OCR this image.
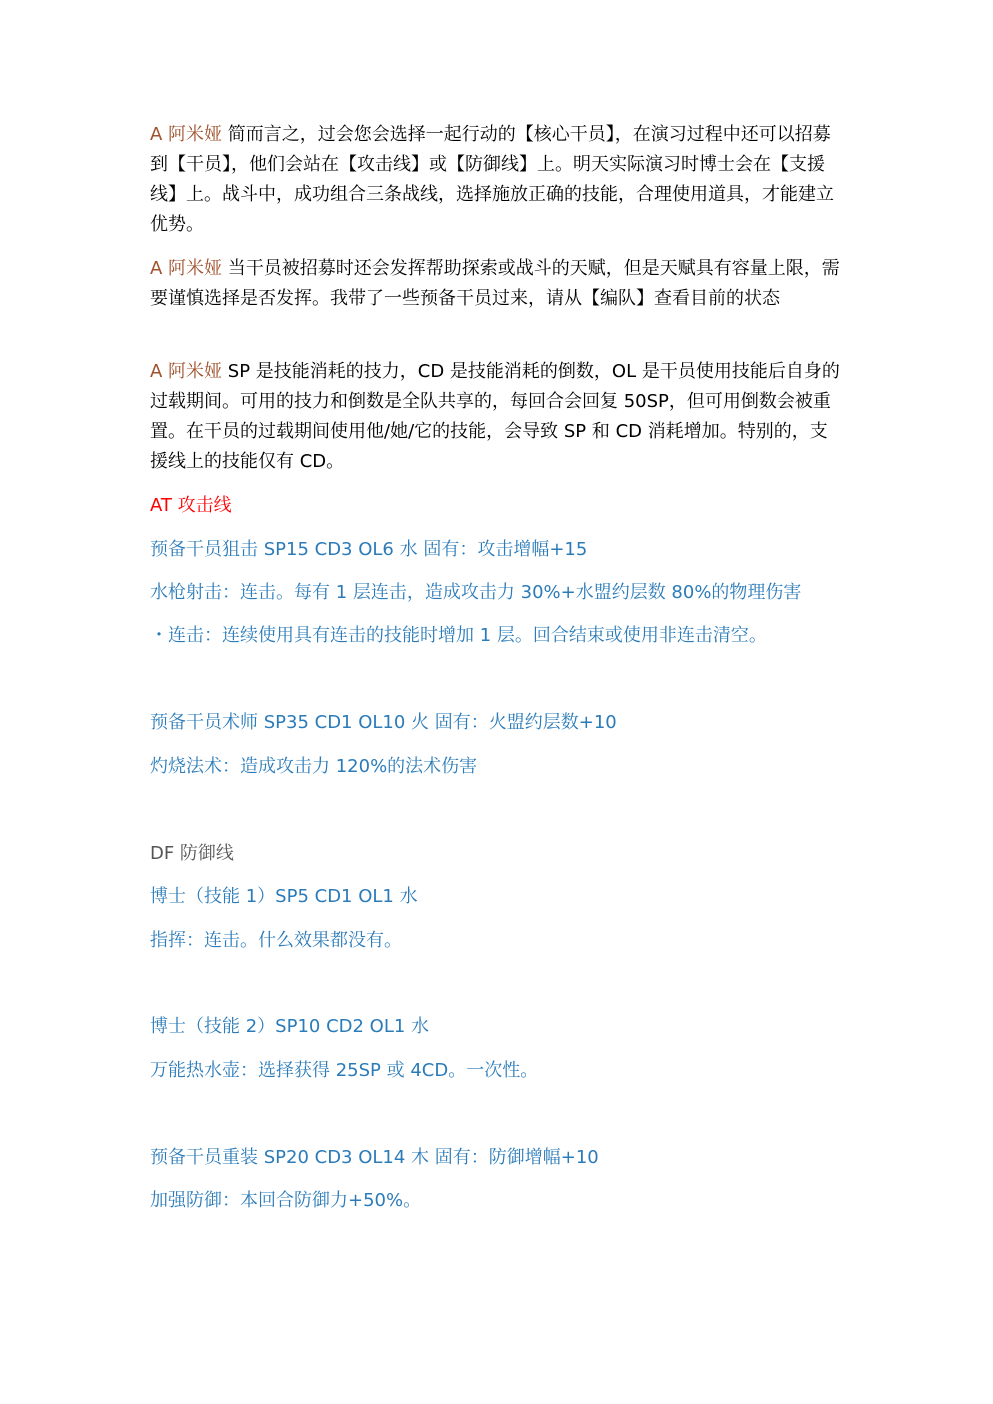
A 阿米娅 简而言之，过会您会选择一起行动的【核心干员】，在演习过程中还可以招募到【干员】，他们会站在【攻击线】或【防御线】上。明天实际演习时博士会在【支援线】上。战斗中，成功组合三条战线，选择施放正确的技能，合理使用道具，才能建立优势。
A 阿米娅 当干员被招募时还会发挥帮助探索或战斗的天赋，但是天赋具有容量上限，需要谨慎选择是否发挥。我带了一些预备干员过来，请从【编队】查看目前的状态
A 阿米娅 SP 是技能消耗的技力，CD 是技能消耗的倒数，OL 是干员使用技能后自身的过载期间。可用的技力和倒数是全队共享的，每回合会回复 50SP，但可用倒数会被重置。在干员的过载期间使用他/她/它的技能，会导致 SP 和 CD 消耗增加。特别的，支援线上的技能仅有 CD。
AT 攻击线
预备干员狙击 SP15 CD3 OL6 水 固有：攻击增幅+15
水枪射击：连击。每有 1 层连击，造成攻击力 30%+水盟约层数 80%的物理伤害
・连击：连续使用具有连击的技能时增加 1 层。回合结束或使用非连击清空。
预备干员术师 SP35 CD1 OL10 火 固有：火盟约层数+10
灼烧法术：造成攻击力 120%的法术伤害
DF 防御线
博士（技能 1）SP5 CD1 OL1 水
指挥：连击。什么效果都没有。
博士（技能 2）SP10 CD2 OL1 水
万能热水壶：选择获得 25SP 或 4CD。一次性。
预备干员重装 SP20 CD3 OL14 木 固有：防御增幅+10
加强防御：本回合防御力+50%。
